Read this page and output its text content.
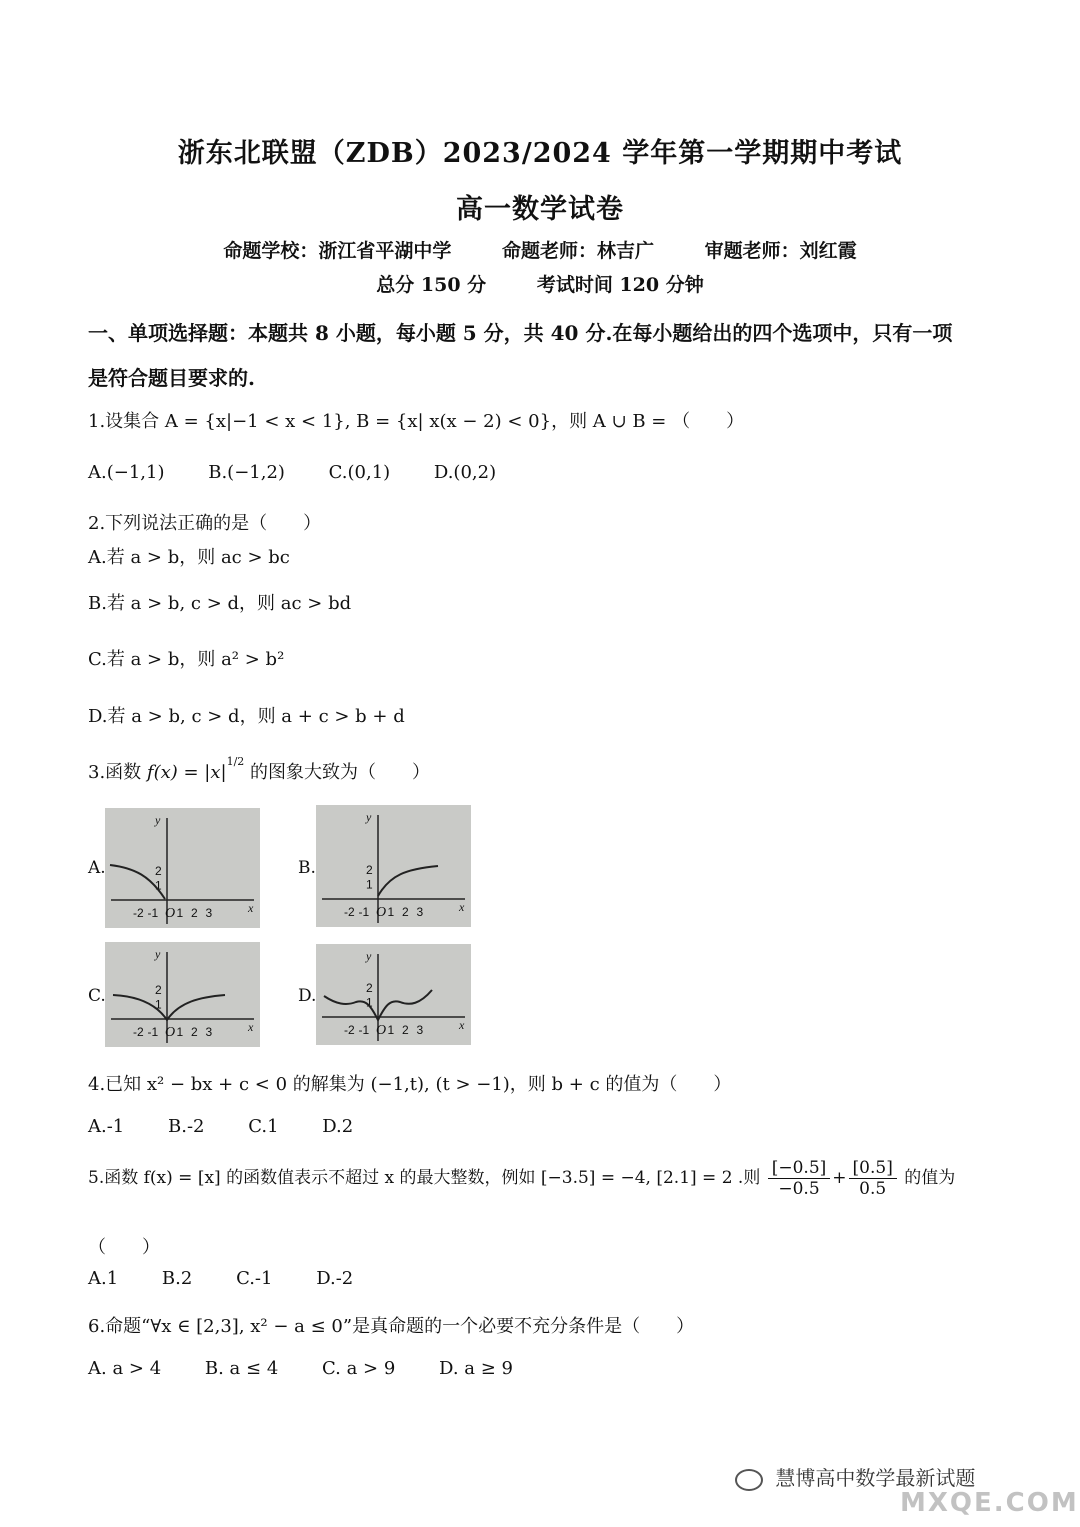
浙东北联盟（ZDB）2023/2024 学年第一学期期中考试
高一数学试卷
命题学校：浙江省平湖中学	命题老师：林吉广	审题老师：刘红霞
总分 150 分	考试时间 120 分钟
一、单项选择题：本题共 8 小题，每小题 5 分，共 40 分.在每小题给出的四个选项中，只有一项
是符合题目要求的.
1.设集合 A = {x|−1 < x < 1}, B = {x| x(x − 2) < 0}，则 A ∪ B = （　　）
A.(−1,1) B.(−1,2) C.(0,1) D.(0,2)
2.下列说法正确的是（　　）
A.若 a > b，则 ac > bc
B.若 a > b, c > d，则 ac > bd
C.若 a > b，则 a² > b²
D.若 a > b, c > d，则 a + c > b + d
3.函数 $f(x) = |x|^{1/2}$ 的图象大致为（　　）
A.	B.
C.	D.
y
x
O
-2 -1 1 2 3
1
2
y
x
O
-2 -1 1 2 3
1
2
y
x
O
-2 -1 1 2 3
1
2
y
x
O
-2 -1 1 2 3
1
2
4.已知 x² − bx + c < 0 的解集为 (−1,t), (t > −1)，则 b + c 的值为（　　）
A.-1 B.-2 C.1 D.2
5.函数 f(x) = [x] 的函数值表示不超过 x 的最大整数，例如 [−3.5] = −4, [2.1] = 2 .则 $\frac{[-0.5]}{-0.5} + \frac{[0.5]}{0.5}$ 的值为
（　　）
A.1 B.2 C.-1 D.-2
6.命题“∀x ∈ [2,3], x² − a ≤ 0”是真命题的一个必要不充分条件是（　　）
A. a > 4 B. a ≤ 4 C. a > 9 D. a ≥ 9
慧博高中数学最新试题
MXQE.COM
